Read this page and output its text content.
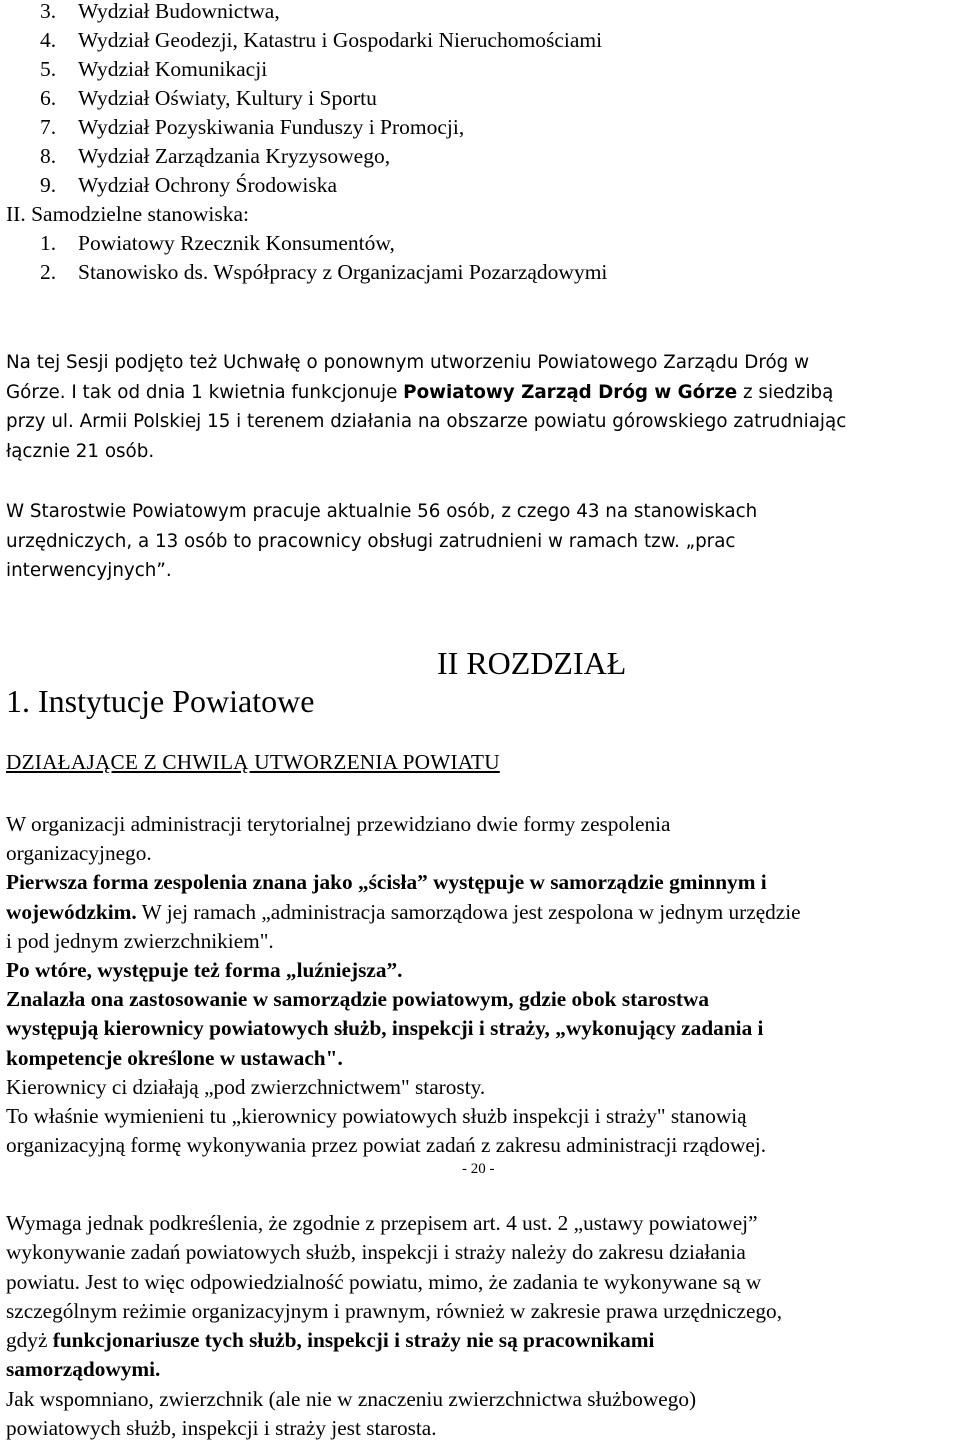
3. Wydział Budownictwa,
4. Wydział Geodezji, Katastru i Gospodarki Nieruchomościami
5. Wydział Komunikacji
6. Wydział Oświaty, Kultury i Sportu
7. Wydział Pozyskiwania Funduszy i Promocji,
8. Wydział Zarządzania Kryzysowego,
9. Wydział Ochrony Środowiska
II. Samodzielne stanowiska:
1. Powiatowy Rzecznik Konsumentów,
2. Stanowisko ds. Współpracy z Organizacjami Pozarządowymi
Na tej Sesji podjęto też Uchwałę o ponownym utworzeniu Powiatowego Zarządu Dróg w
Górze. I tak od dnia 1 kwietnia funkcjonuje Powiatowy Zarząd Dróg w Górze z siedzibą
przy ul. Armii Polskiej 15 i terenem działania na obszarze powiatu górowskiego zatrudniając
łącznie 21 osób.
W Starostwie Powiatowym pracuje aktualnie 56 osób, z czego 43 na stanowiskach
urzędniczych, a 13 osób to pracownicy obsługi zatrudnieni w ramach tzw. „prac
interwencyjnych”.
II ROZDZIAŁ
1. Instytucje Powiatowe
DZIAŁAJĄCE Z CHWILĄ UTWORZENIA POWIATU
W organizacji administracji terytorialnej przewidziano dwie formy zespolenia
organizacyjnego.
Pierwsza forma zespolenia znana jako „ścisła” występuje w samorządzie gminnym i
wojewódzkim. W jej ramach „administracja samorządowa jest zespolona w jednym urzędzie
i pod jednym zwierzchnikiem".
Po wtóre, występuje też forma „luźniejsza”.
Znalazła ona zastosowanie w samorządzie powiatowym, gdzie obok starostwa
występują kierownicy powiatowych służb, inspekcji i straży, „wykonujący zadania i
kompetencje określone w ustawach".
Kierownicy ci działają „pod zwierzchnictwem" starosty.
To właśnie wymienieni tu „kierownicy powiatowych służb inspekcji i straży" stanowią
organizacyjną formę wykonywania przez powiat zadań z zakresu administracji rządowej.
- 20 -
Wymaga jednak podkreślenia, że zgodnie z przepisem art. 4 ust. 2 „ustawy powiatowej”
wykonywanie zadań powiatowych służb, inspekcji i straży należy do zakresu działania
powiatu. Jest to więc odpowiedzialność powiatu, mimo, że zadania te wykonywane są w
szczególnym reżimie organizacyjnym i prawnym, również w zakresie prawa urzędniczego,
gdyż funkcjonariusze tych służb, inspekcji i straży nie są pracownikami
samorządowymi.
Jak wspomniano, zwierzchnik (ale nie w znaczeniu zwierzchnictwa służbowego)
powiatowych służb, inspekcji i straży jest starosta.
